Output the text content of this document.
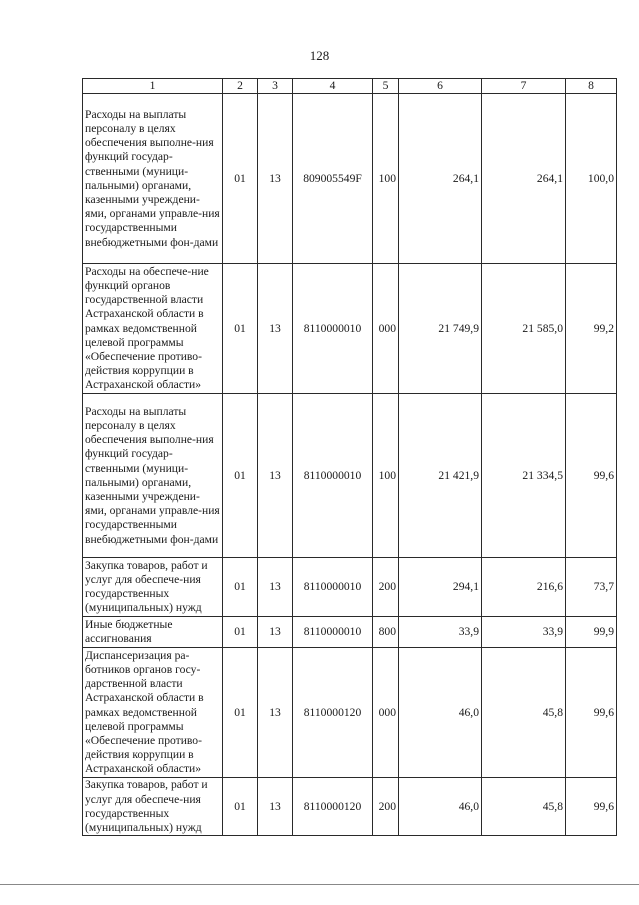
128
1	2	3	4	5	6	7	8
Расходы на выплаты персоналу в целях обеспечения выполне-ния функций государ-ственными (муници-пальными) органами, казенными учреждени-ями, органами управле-ния государственными внебюджетными фон-дами	01	13	809005549F	100	264,1	264,1	100,0
Расходы на обеспече-ние функций органов государственной власти Астраханской области в рамках ведомственной целевой программы «Обеспечение противо-действия коррупции в Астраханской области»	01	13	8110000010	000	21 749,9	21 585,0	99,2
Расходы на выплаты персоналу в целях обеспечения выполне-ния функций государ-ственными (муници-пальными) органами, казенными учреждени-ями, органами управле-ния государственными внебюджетными фон-дами	01	13	8110000010	100	21 421,9	21 334,5	99,6
Закупка товаров, работ и услуг для обеспече-ния государственных (муниципальных) нужд	01	13	8110000010	200	294,1	216,6	73,7
Иные бюджетные ассигнования	01	13	8110000010	800	33,9	33,9	99,9
Диспансеризация ра-ботников органов госу-дарственной власти Астраханской области в рамках ведомственной целевой программы «Обеспечение противо-действия коррупции в Астраханской области»	01	13	8110000120	000	46,0	45,8	99,6
Закупка товаров, работ и услуг для обеспече-ния государственных (муниципальных) нужд	01	13	8110000120	200	46,0	45,8	99,6
